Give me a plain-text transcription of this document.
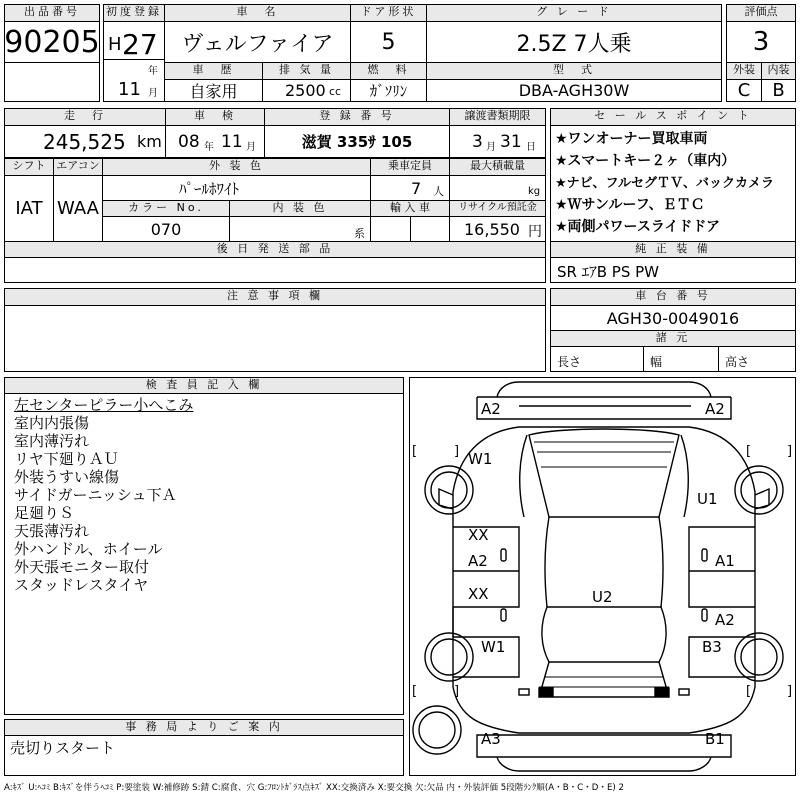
出品番号
90205
初度登録
H 27
年
11 月
車　名
ヴェルファイア
ドア形状
5
グ レ ー ド
2.5Z 7人乗
評価点
3
車　歴
自家用
排 気 量
2500 cc
燃　料
ｶﾞｿﾘﾝ
型　式
DBA-AGH30W
外装	内装
C	B
走　行
245,525 km
車　検
08 年 11 月
登 録 番 号
滋賀 335ｻ 105
譲渡書類期限
3 月 31 日
シフト
IAT
エアコン
WAA
外 装 色
ﾊﾟｰﾙﾎﾜｲﾄ
乗車定員
7 人
最大積載量
kg
カラー No.
070
内 装 色
系
輸 入 車	リサイクル預託金
16,550 円
後 日 発 送 部 品
セ ー ル ス ポ イ ン ト
★ワンオーナー買取車両
★スマートキー２ヶ（車内）
★ナビ、フルセグＴＶ、バックカメラ
★Ｗサンルーフ、ＥＴＣ
★両側パワースライドドア
純 正 装 備
SR ｴｱB PS PW
注 意 事 項 欄	車 台 番 号
AGH30-0049016
諸 元
長さ	幅	高さ
検 査 員 記 入 欄
左センターピラー小へこみ
室内内張傷
室内薄汚れ
リヤ下廻りＡＵ
外装うすい線傷
サイドガーニッシュ下Ａ
足廻りＳ
天張薄汚れ
外ハンドル、ホイール
外天張モニター取付
スタッドレスタイヤ
事 務 局 よ り ご 案 内
売切りスタート
A2	A2
W1
U1
XX
A2	A1
XX	U2
A2
W1	B3
A3	B1
[	]	[	]
[	]	[	]
A:ｷｽﾞ U:ﾍｺﾐ B:ｷｽﾞを伴うﾍｺﾐ P:要塗装 W:補修跡 S:錆 C:腐食、穴 G:ﾌﾛﾝﾄｶﾞﾗｽ点ｷｽﾞ XX:交換済み X:要交換 欠:欠品 内・外装評価 5段階ﾗﾝｸ順(A・B・C・D・E) 2
